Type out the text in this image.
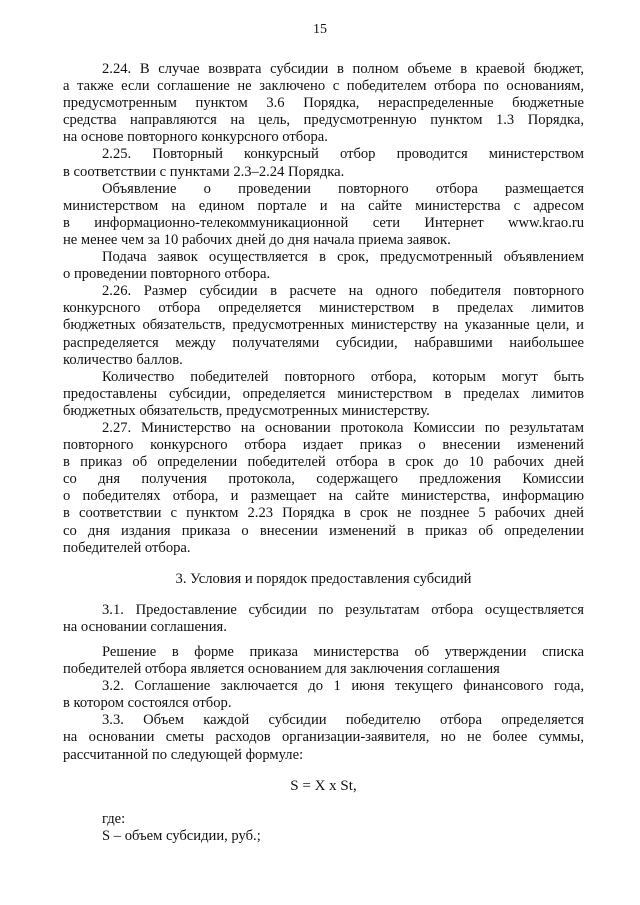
15

2.24. В случае возврата субсидии в полном объеме в краевой бюджет,

а также если соглашение не заключено с победителем отбора по основаниям,

предусмотренным пунктом 3.6 Порядка, нераспределенные бюджетные

средства направляются на цель, предусмотренную пунктом 1.3 Порядка,

на основе повторного конкурсного отбора.

2.25. Повторный конкурсный отбор проводится министерством

в соответствии с пунктами 2.3–2.24 Порядка.

Объявление о проведении повторного отбора размещается

министерством на едином портале и на сайте министерства с адресом

в информационно-телекоммуникационной сети Интернет www.krao.ru

не менее чем за 10 рабочих дней до дня начала приема заявок.

Подача заявок осуществляется в срок, предусмотренный объявлением

о проведении повторного отбора.

2.26. Размер субсидии в расчете на одного победителя повторного

конкурсного отбора определяется министерством в пределах лимитов

бюджетных обязательств, предусмотренных министерству на указанные цели, и

распределяется между получателями субсидии, набравшими наибольшее

количество баллов.

Количество победителей повторного отбора, которым могут быть

предоставлены субсидии, определяется министерством в пределах лимитов

бюджетных обязательств, предусмотренных министерству.

2.27. Министерство на основании протокола Комиссии по результатам

повторного конкурсного отбора издает приказ о внесении изменений

в приказ об определении победителей отбора в срок до 10 рабочих дней

со дня получения протокола, содержащего предложения Комиссии

о победителях отбора, и размещает на сайте министерства, информацию

в соответствии с пунктом 2.23 Порядка в срок не позднее 5 рабочих дней

со дня издания приказа о внесении изменений в приказ об определении

победителей отбора.

3. Условия и порядок предоставления субсидий

3.1. Предоставление субсидии по результатам отбора осуществляется

на основании соглашения.

Решение в форме приказа министерства об утверждении списка

победителей отбора является основанием для заключения соглашения

3.2. Соглашение заключается до 1 июня текущего финансового года,

в котором состоялся отбор.

3.3. Объем каждой субсидии победителю отбора определяется

на основании сметы расходов организации-заявителя, но не более суммы,

рассчитанной по следующей формуле:

S = X x St,

где:

S – объем субсидии, руб.;
